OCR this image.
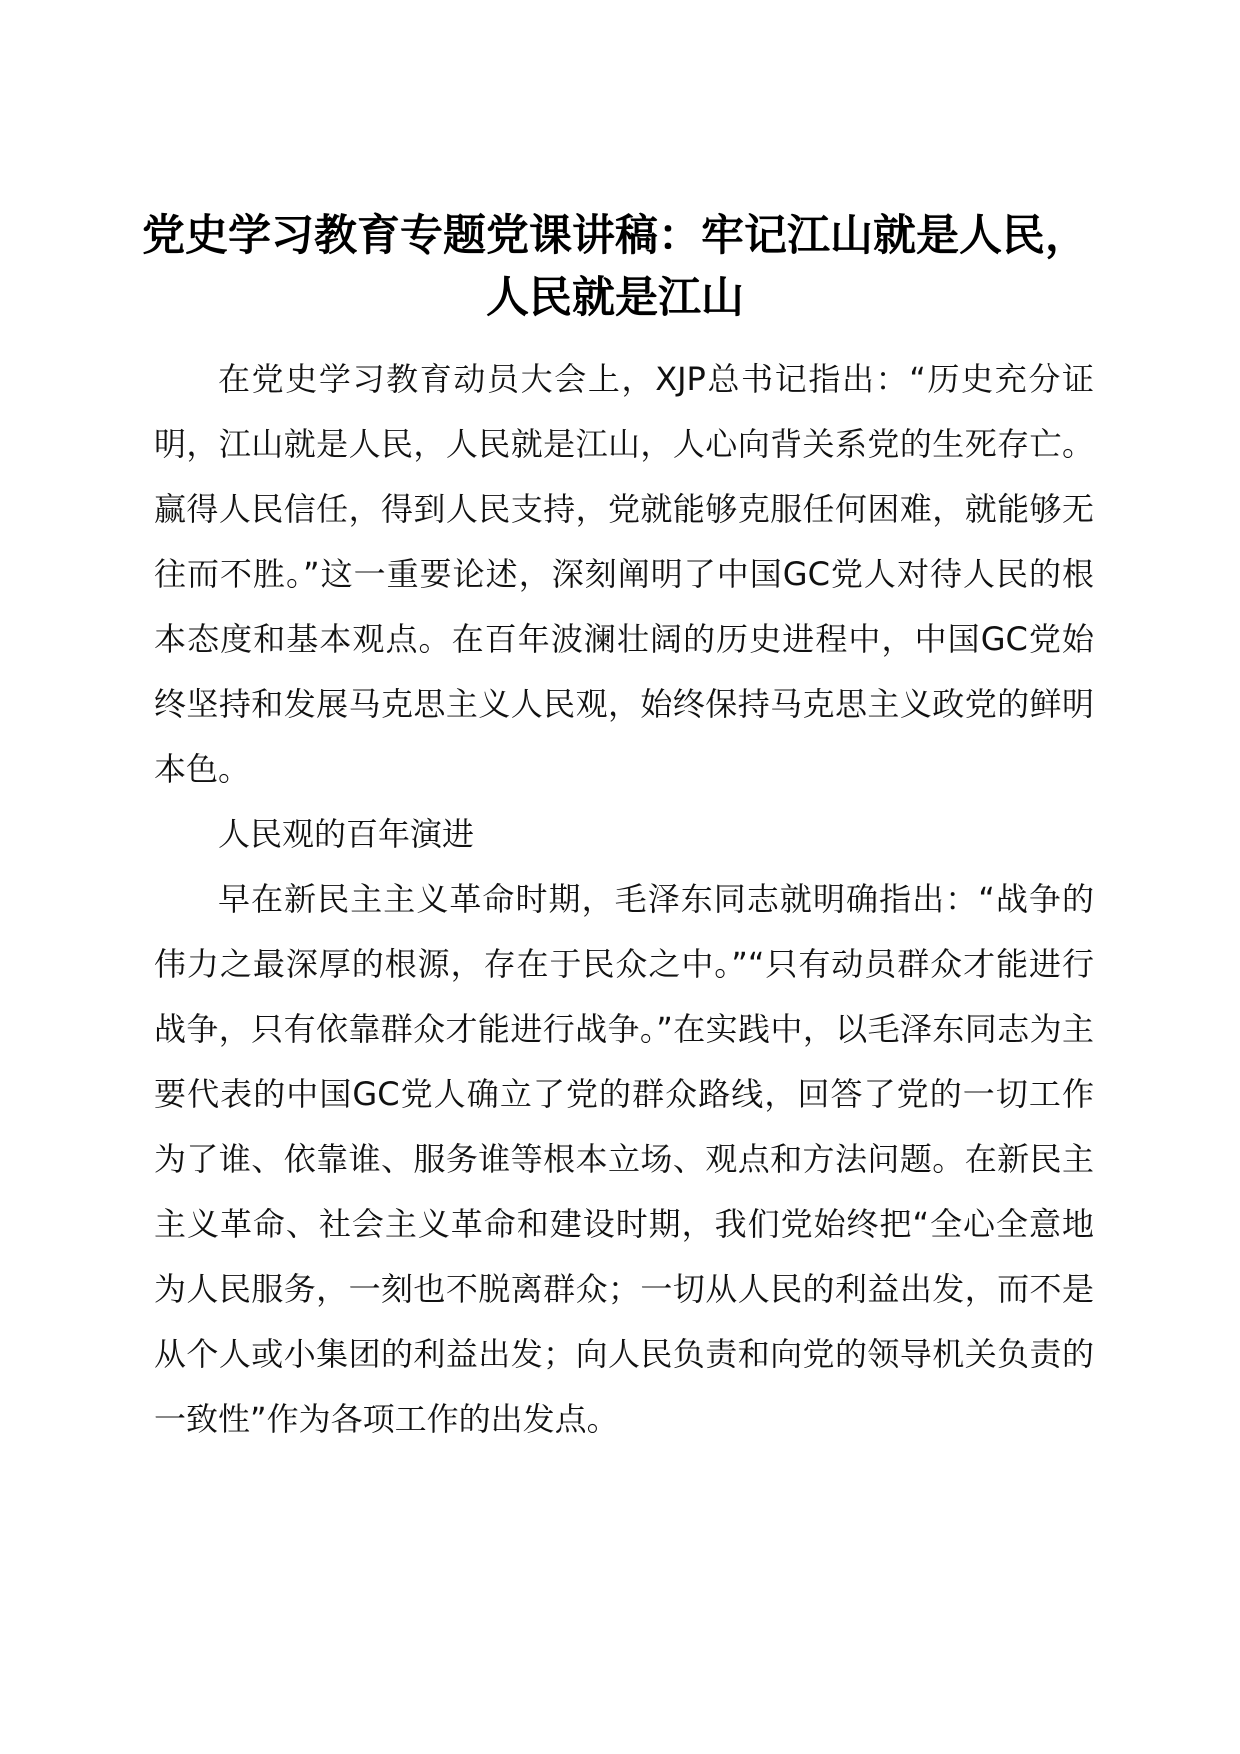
党史学习教育专题党课讲稿：牢记江山就是人民，人民就是江山

在党史学习教育动员大会上，XJP总书记指出：“历史充分证明，江山就是人民，人民就是江山，人心向背关系党的生死存亡。赢得人民信任，得到人民支持，党就能够克服任何困难，就能够无往而不胜。”这一重要论述，深刻阐明了中国GC党人对待人民的根本态度和基本观点。在百年波澜壮阔的历史进程中，中国GC党始终坚持和发展马克思主义人民观，始终保持马克思主义政党的鲜明本色。

人民观的百年演进

早在新民主主义革命时期，毛泽东同志就明确指出：“战争的伟力之最深厚的根源，存在于民众之中。”“只有动员群众才能进行战争，只有依靠群众才能进行战争。”在实践中，以毛泽东同志为主要代表的中国GC党人确立了党的群众路线，回答了党的一切工作为了谁、依靠谁、服务谁等根本立场、观点和方法问题。在新民主主义革命、社会主义革命和建设时期，我们党始终把“全心全意地为人民服务，一刻也不脱离群众；一切从人民的利益出发，而不是从个人或小集团的利益出发；向人民负责和向党的领导机关负责的一致性”作为各项工作的出发点。
